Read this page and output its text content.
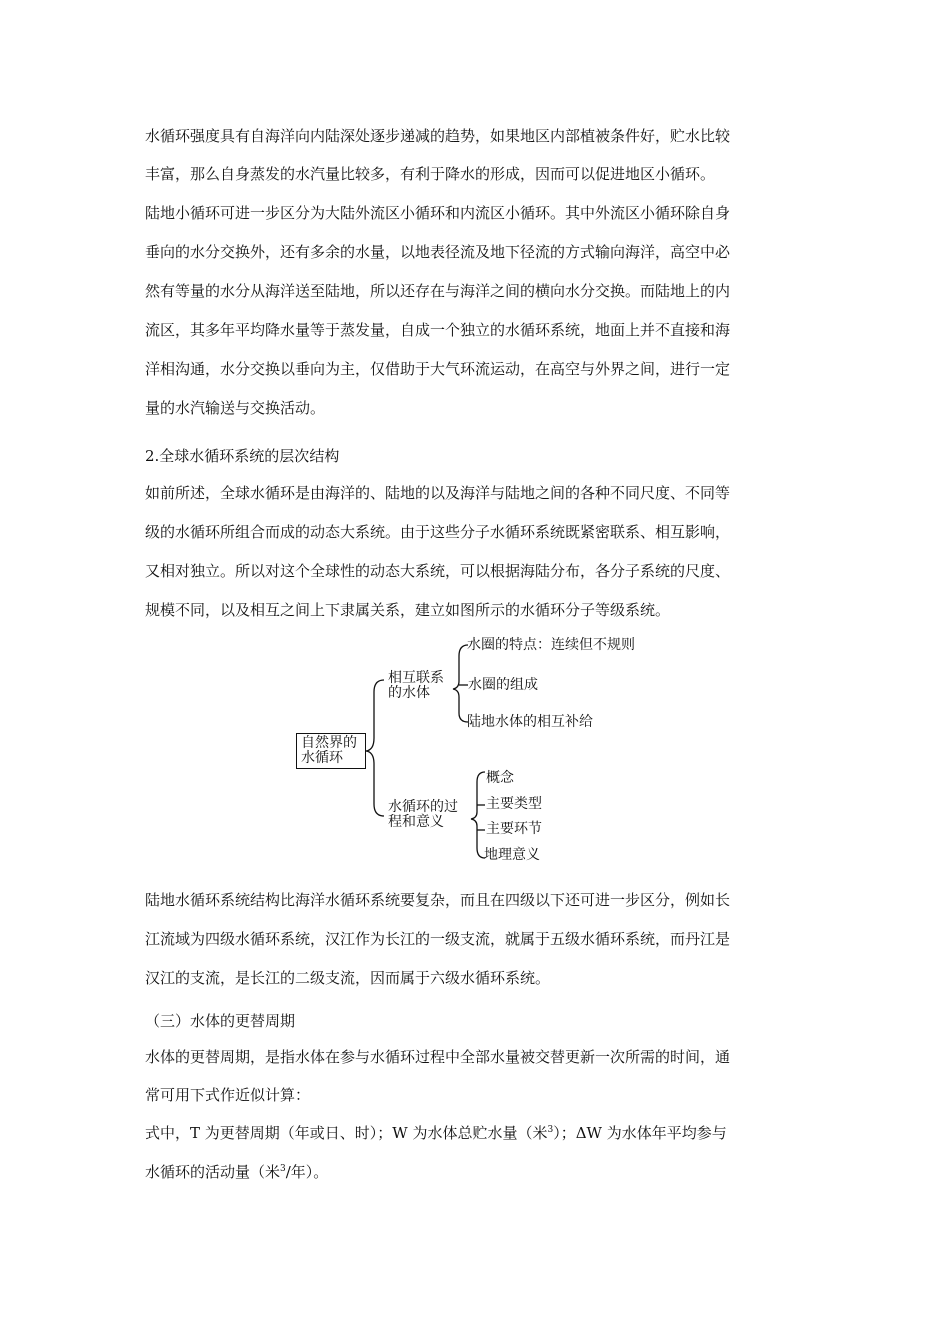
水循环强度具有自海洋向内陆深处逐步递减的趋势，如果地区内部植被条件好，贮水比较
丰富，那么自身蒸发的水汽量比较多，有利于降水的形成，因而可以促进地区小循环。
陆地小循环可进一步区分为大陆外流区小循环和内流区小循环。其中外流区小循环除自身
垂向的水分交换外，还有多余的水量，以地表径流及地下径流的方式输向海洋，高空中必
然有等量的水分从海洋送至陆地，所以还存在与海洋之间的横向水分交换。而陆地上的内
流区，其多年平均降水量等于蒸发量，自成一个独立的水循环系统，地面上并不直接和海
洋相沟通，水分交换以垂向为主，仅借助于大气环流运动，在高空与外界之间，进行一定
量的水汽输送与交换活动。
2.全球水循环系统的层次结构
如前所述，全球水循环是由海洋的、陆地的以及海洋与陆地之间的各种不同尺度、不同等
级的水循环所组合而成的动态大系统。由于这些分子水循环系统既紧密联系、相互影响，
又相对独立。所以对这个全球性的动态大系统，可以根据海陆分布，各分子系统的尺度、
规模不同，以及相互之间上下隶属关系，建立如图所示的水循环分子等级系统。
自然界的
水循环
相互联系
的水体
水圈的特点：连续但不规则
水圈的组成
陆地水体的相互补给
水循环的过
程和意义
概念
主要类型
主要环节
地理意义
陆地水循环系统结构比海洋水循环系统要复杂，而且在四级以下还可进一步区分，例如长
江流域为四级水循环系统，汉江作为长江的一级支流，就属于五级水循环系统，而丹江是
汉江的支流，是长江的二级支流，因而属于六级水循环系统。
（三）水体的更替周期
水体的更替周期，是指水体在参与水循环过程中全部水量被交替更新一次所需的时间，通
常可用下式作近似计算：
式中，T 为更替周期（年或日、时）；W 为水体总贮水量（米$^3$）；ΔW 为水体年平均参与
水循环的活动量（米$^3$/年）。
